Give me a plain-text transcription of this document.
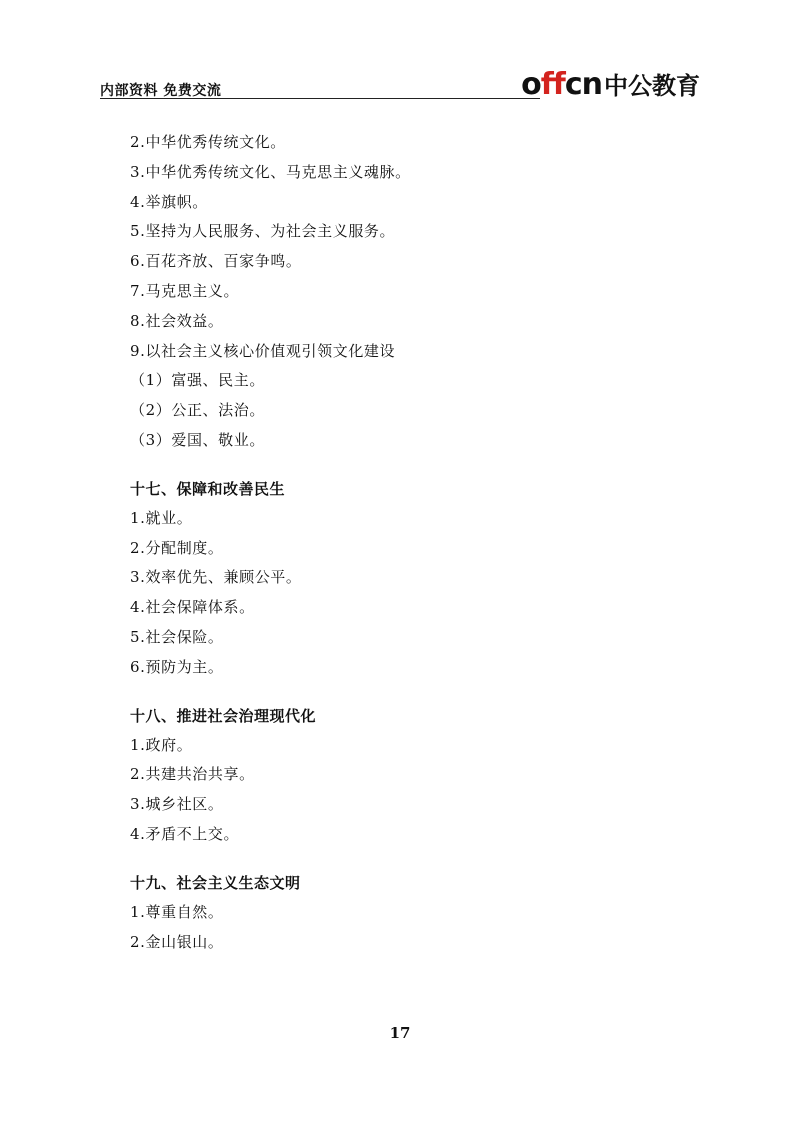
内部资料 免费交流	offcn 中公教育
2.中华优秀传统文化。
3.中华优秀传统文化、马克思主义魂脉。
4.举旗帜。
5.坚持为人民服务、为社会主义服务。
6.百花齐放、百家争鸣。
7.马克思主义。
8.社会效益。
9.以社会主义核心价值观引领文化建设
（1）富强、民主。
（2）公正、法治。
（3）爱国、敬业。
十七、保障和改善民生
1.就业。
2.分配制度。
3.效率优先、兼顾公平。
4.社会保障体系。
5.社会保险。
6.预防为主。
十八、推进社会治理现代化
1.政府。
2.共建共治共享。
3.城乡社区。
4.矛盾不上交。
十九、社会主义生态文明
1.尊重自然。
2.金山银山。
17
